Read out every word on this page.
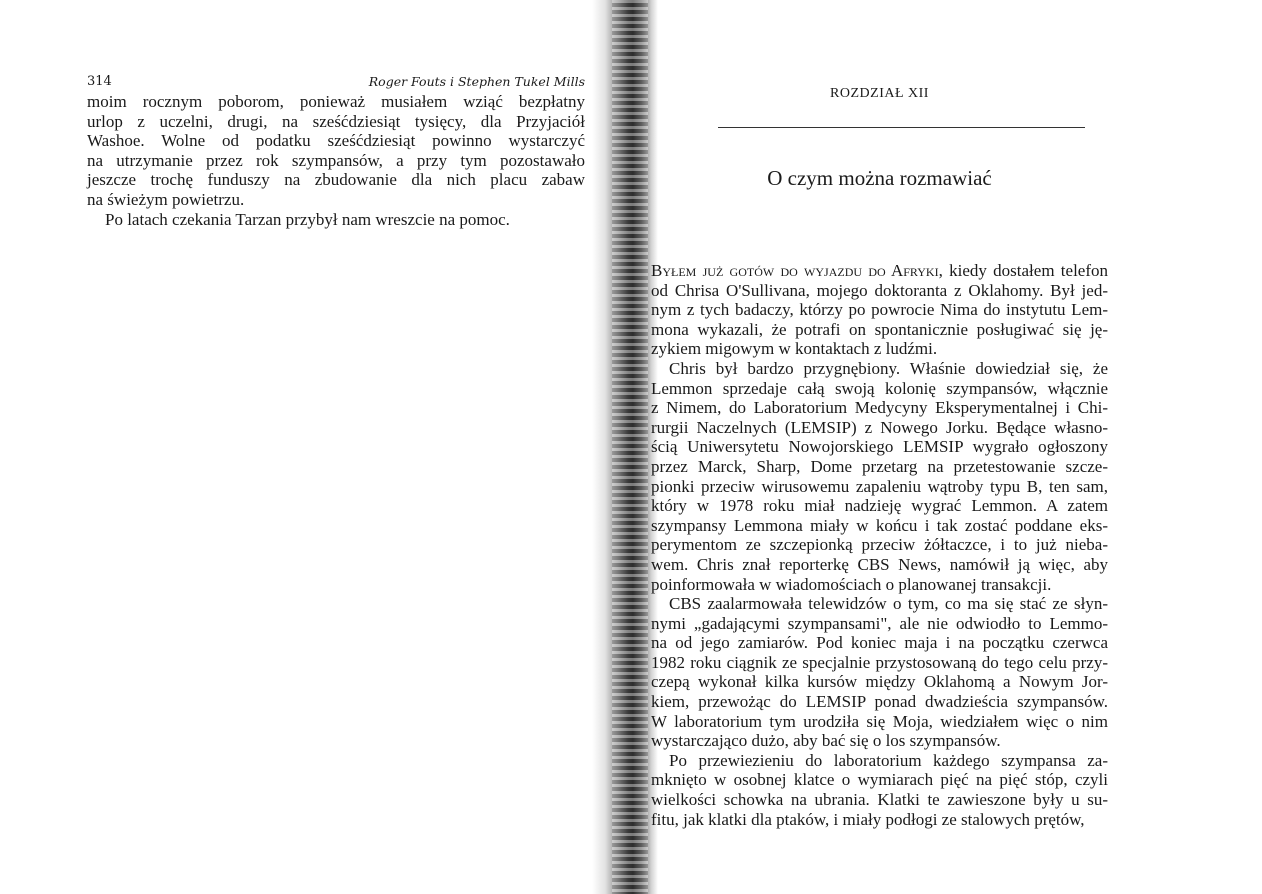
314	Roger Fouts i Stephen Tukel Mills
moim rocznym poborom, ponieważ musiałem wziąć bezpłatny
urlop z uczelni, drugi, na sześćdziesiąt tysięcy, dla Przyjaciół
Washoe. Wolne od podatku sześćdziesiąt powinno wystarczyć
na utrzymanie przez rok szympansów, a przy tym pozostawało
jeszcze trochę funduszy na zbudowanie dla nich placu zabaw
na świeżym powietrzu.
Po latach czekania Tarzan przybył nam wreszcie na pomoc.
ROZDZIAŁ XII
O czym można rozmawiać
Byłem już gotów do wyjazdu do Afryki, kiedy dostałem telefon
od Chrisa O'Sullivana, mojego doktoranta z Oklahomy. Był jed-
nym z tych badaczy, którzy po powrocie Nima do instytutu Lem-
mona wykazali, że potrafi on spontanicznie posługiwać się ję-
zykiem migowym w kontaktach z ludźmi.
Chris był bardzo przygnębiony. Właśnie dowiedział się, że
Lemmon sprzedaje całą swoją kolonię szympansów, włącznie
z Nimem, do Laboratorium Medycyny Eksperymentalnej i Chi-
rurgii Naczelnych (LEMSIP) z Nowego Jorku. Będące własno-
ścią Uniwersytetu Nowojorskiego LEMSIP wygrało ogłoszony
przez Marck, Sharp, Dome przetarg na przetestowanie szcze-
pionki przeciw wirusowemu zapaleniu wątroby typu B, ten sam,
który w 1978 roku miał nadzieję wygrać Lemmon. A zatem
szympansy Lemmona miały w końcu i tak zostać poddane eks-
perymentom ze szczepionką przeciw żółtaczce, i to już nieba-
wem. Chris znał reporterkę CBS News, namówił ją więc, aby
poinformowała w wiadomościach o planowanej transakcji.
CBS zaalarmowała telewidzów o tym, co ma się stać ze słyn-
nymi „gadającymi szympansami", ale nie odwiodło to Lemmo-
na od jego zamiarów. Pod koniec maja i na początku czerwca
1982 roku ciągnik ze specjalnie przystosowaną do tego celu przy-
czepą wykonał kilka kursów między Oklahomą a Nowym Jor-
kiem, przewożąc do LEMSIP ponad dwadzieścia szympansów.
W laboratorium tym urodziła się Moja, wiedziałem więc o nim
wystarczająco dużo, aby bać się o los szympansów.
Po przewiezieniu do laboratorium każdego szympansa za-
mknięto w osobnej klatce o wymiarach pięć na pięć stóp, czyli
wielkości schowka na ubrania. Klatki te zawieszone były u su-
fitu, jak klatki dla ptaków, i miały podłogi ze stalowych prętów,
